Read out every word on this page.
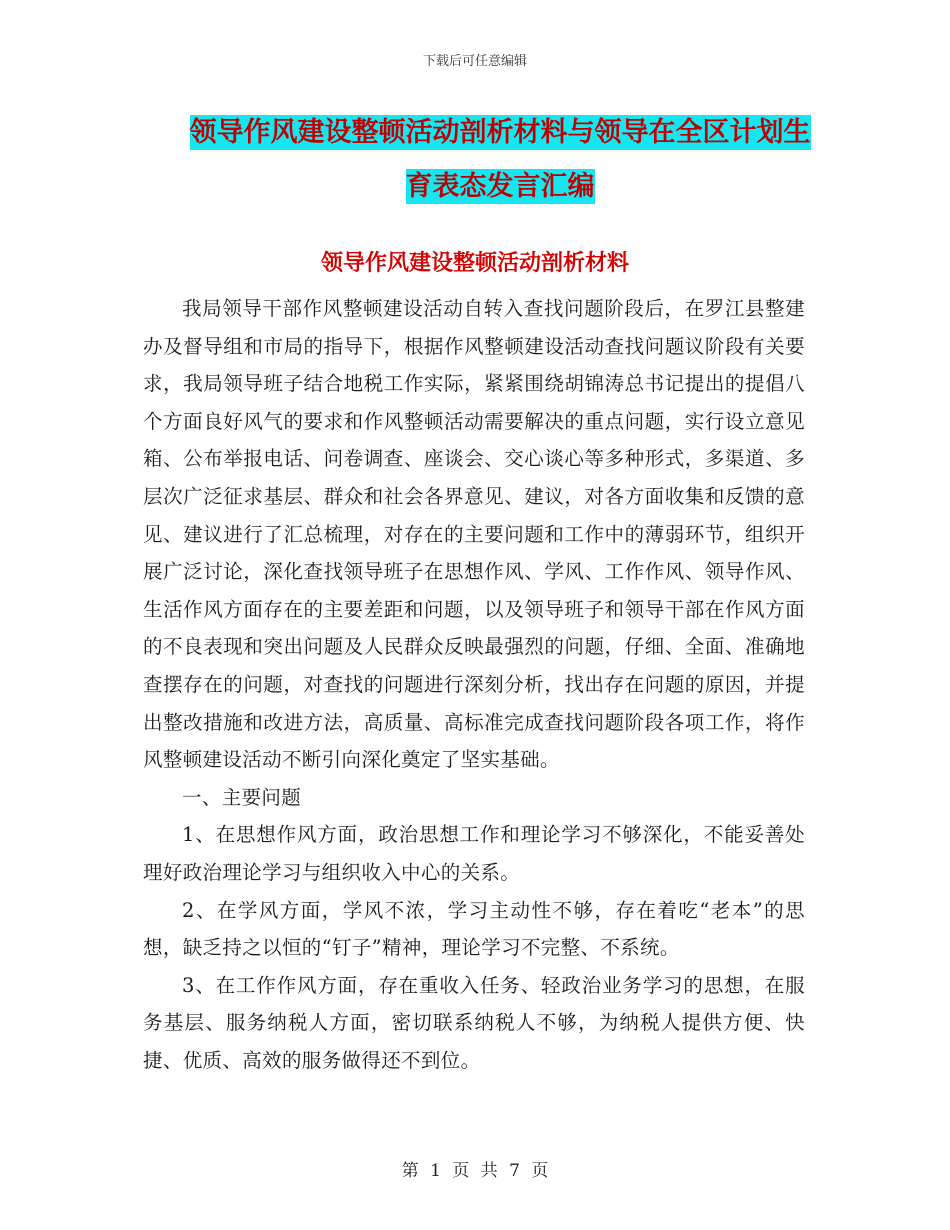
下载后可任意编辑
领导作风建设整顿活动剖析材料与领导在全区计划生
育表态发言汇编
领导作风建设整顿活动剖析材料

我局领导干部作风整顿建设活动自转入查找问题阶段后，在罗江县整建办及督导组和市局的指导下，根据作风整顿建设活动查找问题议阶段有关要求，我局领导班子结合地税工作实际，紧紧围绕胡锦涛总书记提出的提倡八个方面良好风气的要求和作风整顿活动需要解决的重点问题，实行设立意见箱、公布举报电话、问卷调查、座谈会、交心谈心等多种形式，多渠道、多层次广泛征求基层、群众和社会各界意见、建议，对各方面收集和反馈的意见、建议进行了汇总梳理，对存在的主要问题和工作中的薄弱环节，组织开展广泛讨论，深化查找领导班子在思想作风、学风、工作作风、领导作风、生活作风方面存在的主要差距和问题，以及领导班子和领导干部在作风方面的不良表现和突出问题及人民群众反映最强烈的问题，仔细、全面、准确地查摆存在的问题，对查找的问题进行深刻分析，找出存在问题的原因，并提出整改措施和改进方法，高质量、高标准完成查找问题阶段各项工作，将作风整顿建设活动不断引向深化奠定了坚实基础。

一、主要问题

1、在思想作风方面，政治思想工作和理论学习不够深化，不能妥善处理好政治理论学习与组织收入中心的关系。

2、在学风方面，学风不浓，学习主动性不够，存在着吃“老本”的思想，缺乏持之以恒的“钉子”精神，理论学习不完整、不系统。

3、在工作作风方面，存在重收入任务、轻政治业务学习的思想，在服务基层、服务纳税人方面，密切联系纳税人不够，为纳税人提供方便、快捷、优质、高效的服务做得还不到位。

第 1 页 共 7 页
